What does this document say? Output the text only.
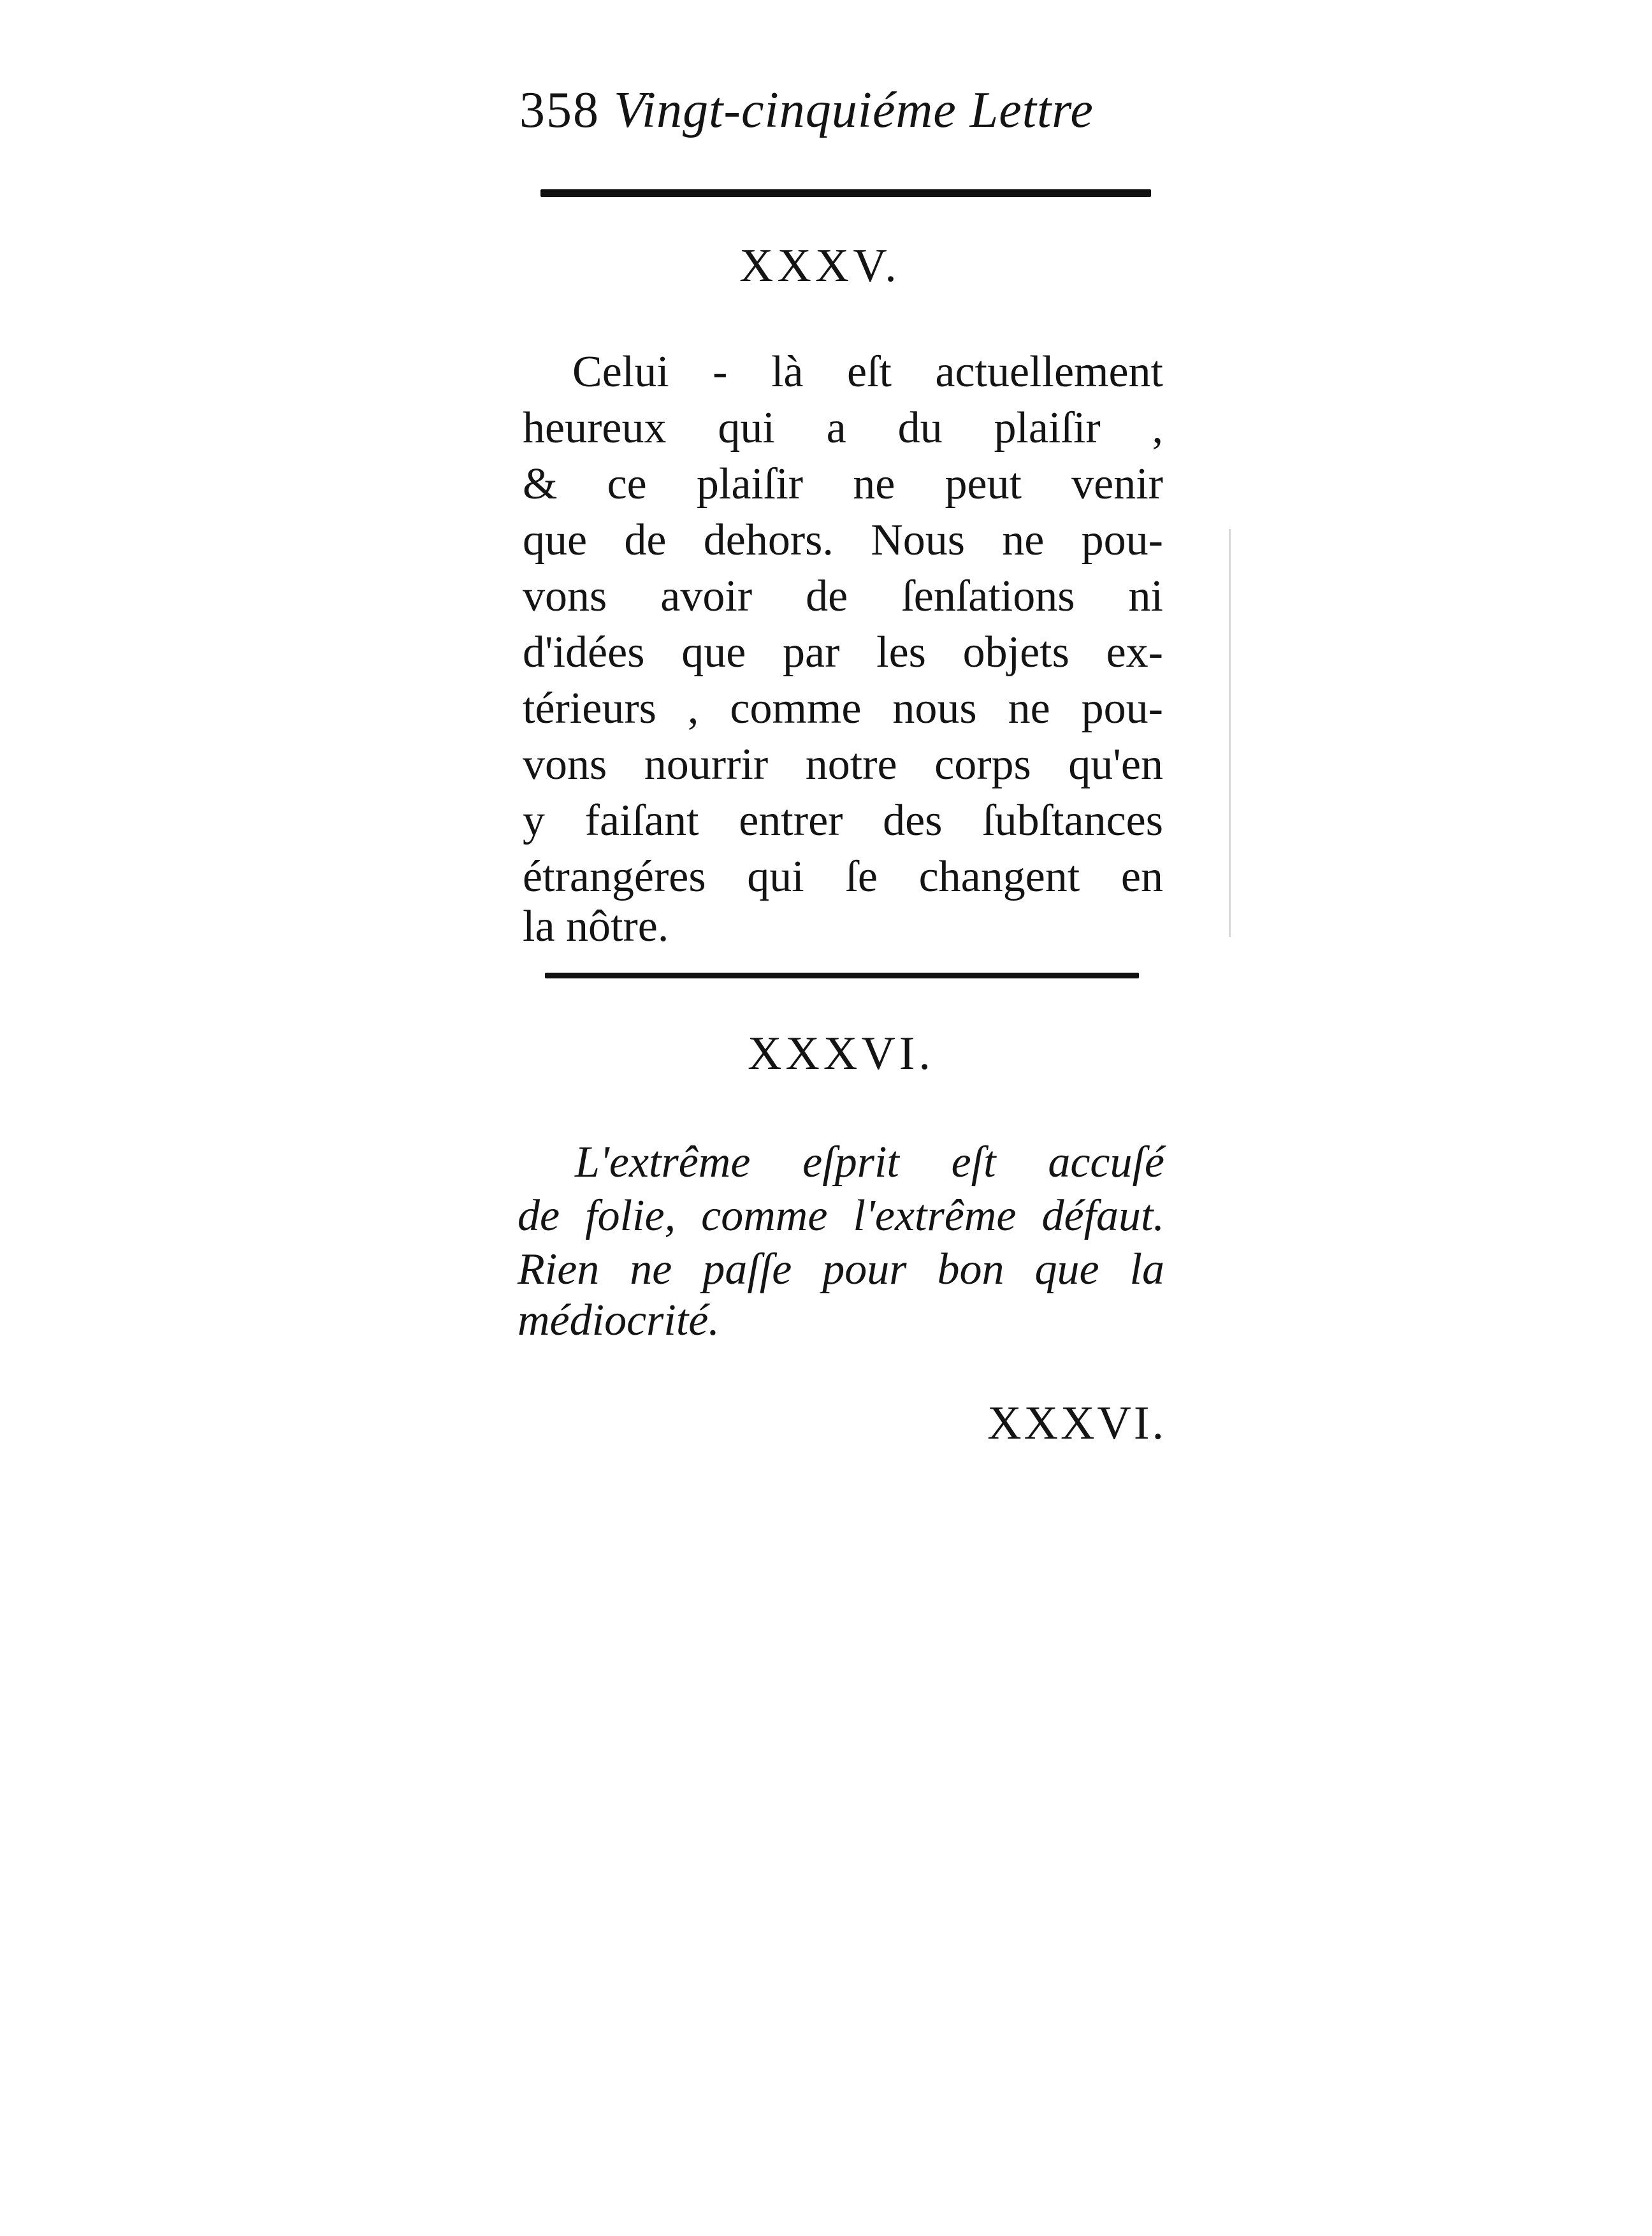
358 Vingt-cinquiéme Lettre
XXXV.
Celui - là eſt actuellement
heureux qui a du plaiſir ,
& ce plaiſir ne peut venir
que de dehors. Nous ne pou-
vons avoir de ſenſations ni
d'idées que par les objets ex-
térieurs , comme nous ne pou-
vons nourrir notre corps qu'en
y faiſant entrer des ſubſtances
étrangéres qui ſe changent en
la nôtre.
XXXVI.
L'extrême eſprit eſt accuſé
de folie, comme l'extrême défaut.
Rien ne paſſe pour bon que la
médiocrité.
XXXVI.
